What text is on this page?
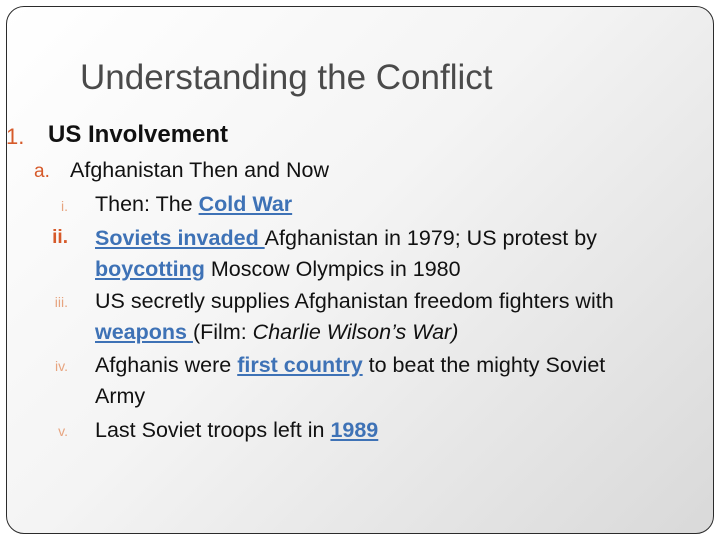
Understanding the Conflict
1. US Involvement
a. Afghanistan Then and Now
i. Then: The Cold War
ii. Soviets invaded Afghanistan in 1979; US protest by
boycotting Moscow Olympics in 1980
iii. US secretly supplies Afghanistan freedom fighters with
weapons (Film: Charlie Wilson’s War)
iv. Afghanis were first country to beat the mighty Soviet
Army
v. Last Soviet troops left in 1989
